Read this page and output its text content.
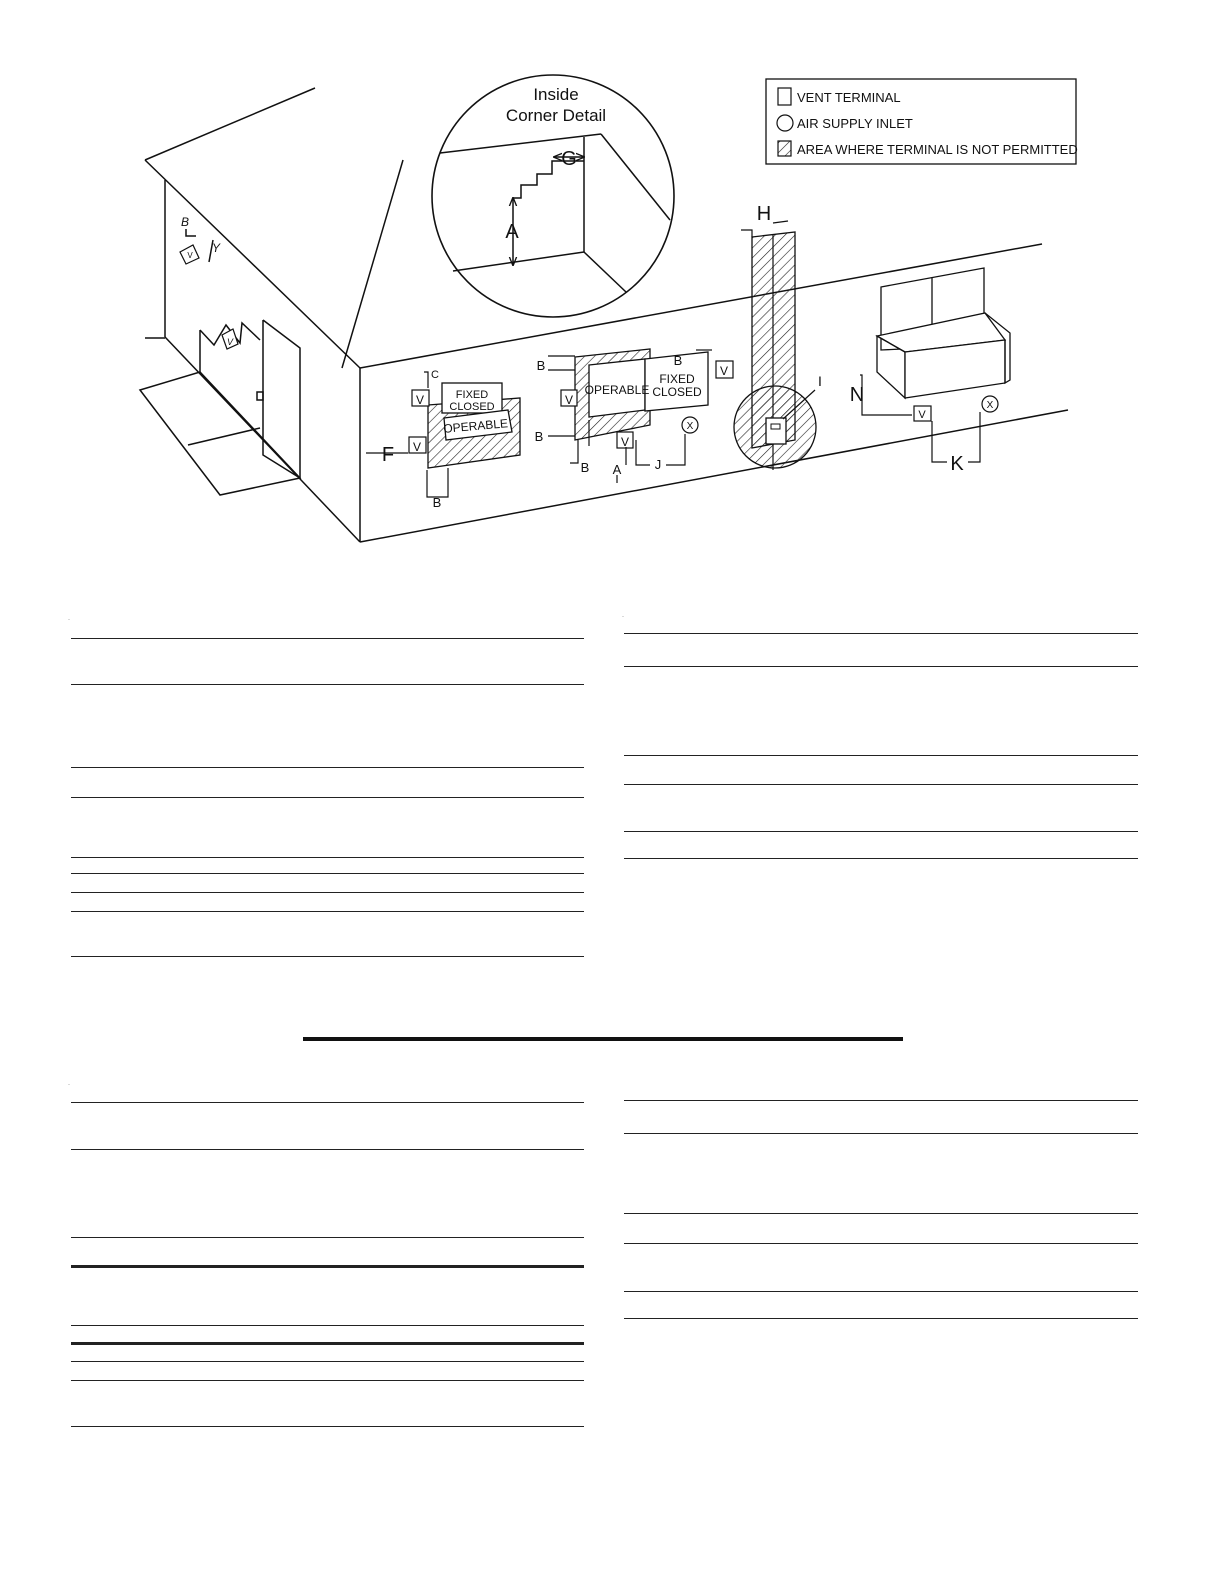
Inside
Corner Detail
G
A
VENT TERMINAL
AIR SUPPLY INLET
AREA WHERE TERMINAL IS NOT PERMITTED
V
B
Y
V
FIXED
CLOSED
OPERABLE
V
V
C
F
B
OPERABLE
FIXED
CLOSED
V
V
V
X
B
B
B
B
A	J
H
I
V
X
N
K
·	·
·
